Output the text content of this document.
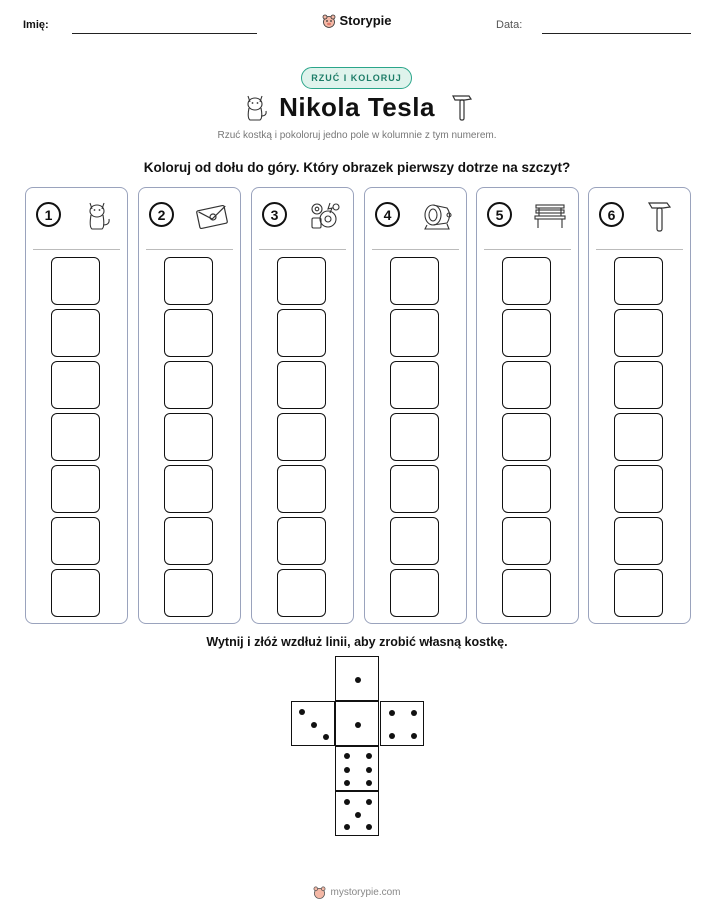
Imię:	Storypie	Data:
RZUĆ I KOLORUJ
Nikola Tesla
Rzuć kostką i pokoloruj jedno pole w kolumnie z tym numerem.
Koloruj od dołu do góry. Który obrazek pierwszy dotrze na szczyt?
1	2	3	4	5	6
Wytnij i złóż wzdłuż linii, aby zrobić własną kostkę.
mystorypie.com
